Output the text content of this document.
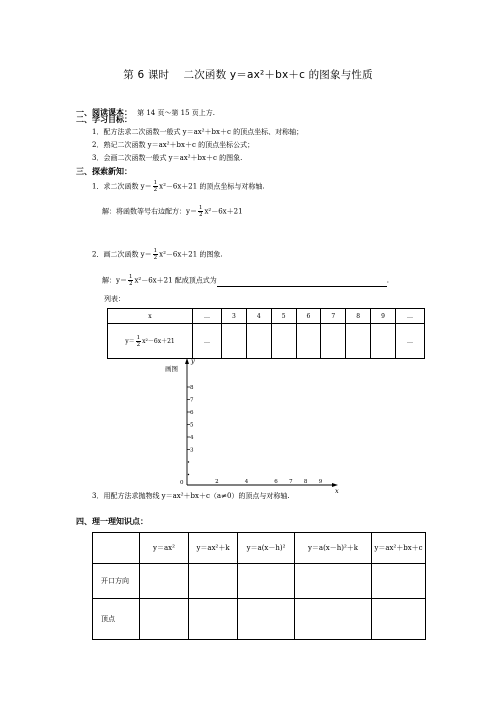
第 6 课时　 二次函数 y＝ax²＋bx＋c 的图象与性质
一、阅读课本： 第 14 页～第 15 页上方.
二、学习目标：
1．配方法求二次函数一般式 y＝ax²＋bx＋c 的顶点坐标、对称轴；
2．熟记二次函数 y＝ax²＋bx＋c 的顶点坐标公式；
3．会画二次函数一般式 y＝ax²＋bx＋c 的图象.
三、探索新知：
1．求二次函数 $y= \frac{1}{2} x^2-6x+21$ 的顶点坐标与对称轴.
解：将函数等号右边配方：$y= \frac{1}{2} x^2-6x+21$
2．画二次函数 $y= \frac{1}{2} x^2-6x+21$ 的图象.
解：$y= \frac{1}{2} x^2-6x+21$ 配成顶点式为	.
列表：
x	…	3	4	5	6	7	8	9	…
$y= \frac{1}{2} x^2-6x+21$	…								…
画图
y
x
0
8
7
6
5
4
3
2	4	6 7 8 9
3．用配方法求抛物线 y＝ax²＋bx＋c（a≠0）的顶点与对称轴.
四、理一理知识点：
	y＝ax²	y＝ax²＋k	y＝a(x－h)²	y＝a(x－h)²＋k	y＝ax²＋bx＋c
开口方向					
顶点					
